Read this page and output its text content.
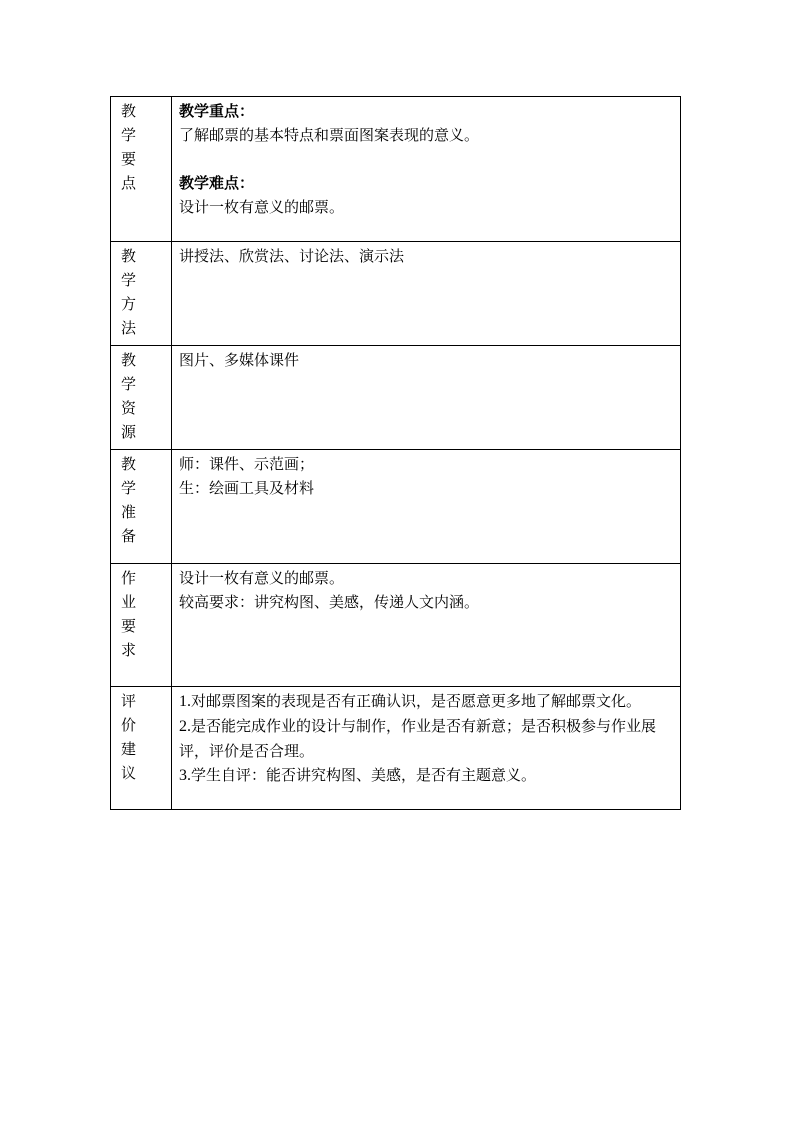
教学要点	教学重点：

了解邮票的基本特点和票面图案表现的意义。

教学难点：

设计一枚有意义的邮票。

教学方法	讲授法、欣赏法、讨论法、演示法

教学资源	图片、多媒体课件

教学准备	师：课件、示范画；

生：绘画工具及材料

作业要求	设计一枚有意义的邮票。

较高要求：讲究构图、美感，传递人文内涵。

评价建议	1.对邮票图案的表现是否有正确认识，是否愿意更多地了解邮票文化。

2.是否能完成作业的设计与制作，作业是否有新意；是否积极参与作业展评，评价是否合理。

3.学生自评：能否讲究构图、美感，是否有主题意义。
